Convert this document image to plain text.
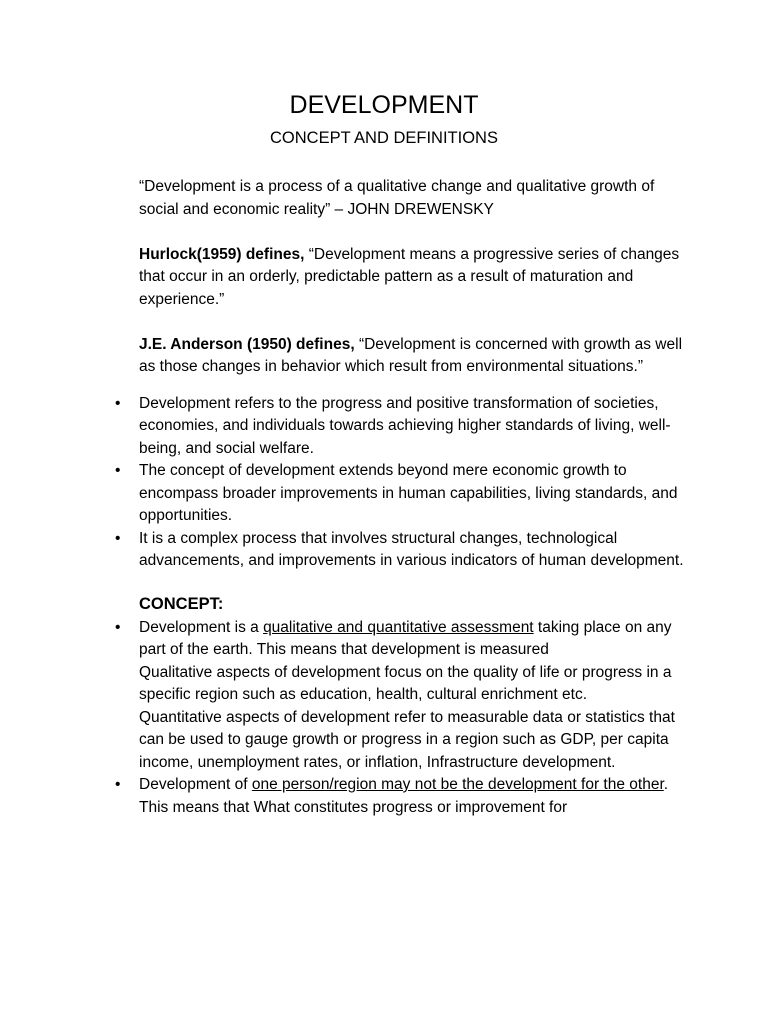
DEVELOPMENT
CONCEPT AND DEFINITIONS

“Development is a process of a qualitative change and qualitative growth of social and economic reality” – JOHN DREWENSKY

Hurlock(1959) defines, “Development means a progressive series of changes that occur in an orderly, predictable pattern as a result of maturation and experience.”

J.E. Anderson (1950) defines, “Development is concerned with growth as well as those changes in behavior which result from environmental situations.”

• Development refers to the progress and positive transformation of societies, economies, and individuals towards achieving higher standards of living, well-being, and social welfare.
• The concept of development extends beyond mere economic growth to encompass broader improvements in human capabilities, living standards, and opportunities.
• It is a complex process that involves structural changes, technological advancements, and improvements in various indicators of human development.
CONCEPT:
• Development is a qualitative and quantitative assessment taking place on any part of the earth. This means that development is measured
Qualitative aspects of development focus on the quality of life or progress in a specific region such as education, health, cultural enrichment etc.
Quantitative aspects of development refer to measurable data or statistics that can be used to gauge growth or progress in a region such as GDP, per capita income, unemployment rates, or inflation, Infrastructure development.
• Development of one person/region may not be the development for the other. This means that What constitutes progress or improvement for
